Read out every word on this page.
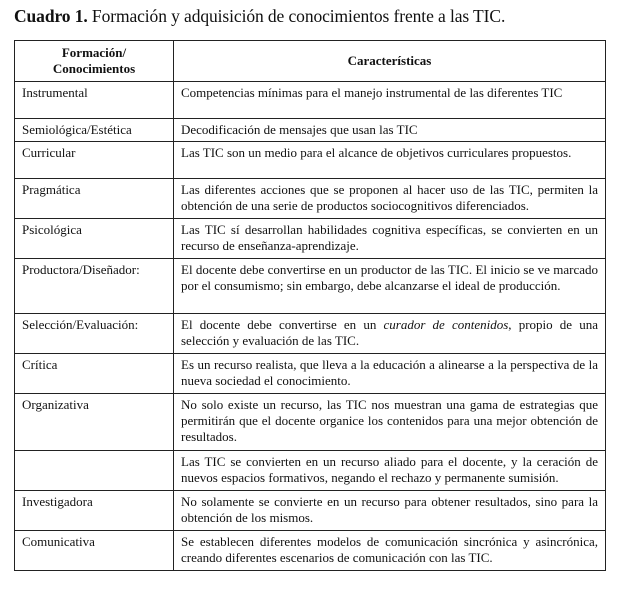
Cuadro 1. Formación y adquisición de conocimientos frente a las TIC.
Formación/
Conocimientos	Características
Instrumental	Competencias mínimas para el manejo instrumental de las diferentes TIC
Semiológica/Estética	Decodificación de mensajes que usan las TIC
Curricular	Las TIC son un medio para el alcance de objetivos curriculares propuestos.
Pragmática	Las diferentes acciones que se proponen al hacer uso de las TIC, permiten la obtención de una serie de productos sociocognitivos diferenciados.
Psicológica	Las TIC sí desarrollan habilidades cognitiva específicas, se convierten en un recurso de enseñanza-aprendizaje.
Productora/Diseñador:	El docente debe convertirse en un productor de las TIC. El inicio se ve marcado por el consumismo; sin embargo, debe alcanzarse el ideal de producción.
Selección/Evaluación:	El docente debe convertirse en un curador de contenidos, propio de una selección y evaluación de las TIC.
Crítica	Es un recurso realista, que lleva a la educación a alinearse a la perspectiva de la nueva sociedad el conocimiento.
Organizativa	No solo existe un recurso, las TIC nos muestran una gama de estrategias que permitirán que el docente organice los contenidos para una mejor obtención de resultados.
	Las TIC se convierten en un recurso aliado para el docente, y la ceración de nuevos espacios formativos, negando el rechazo y permanente sumisión.
Investigadora	No solamente se convierte en un recurso para obtener resultados, sino para la obtención de los mismos.
Comunicativa	Se establecen diferentes modelos de comunicación sincrónica y asincrónica, creando diferentes escenarios de comunicación con las TIC.
